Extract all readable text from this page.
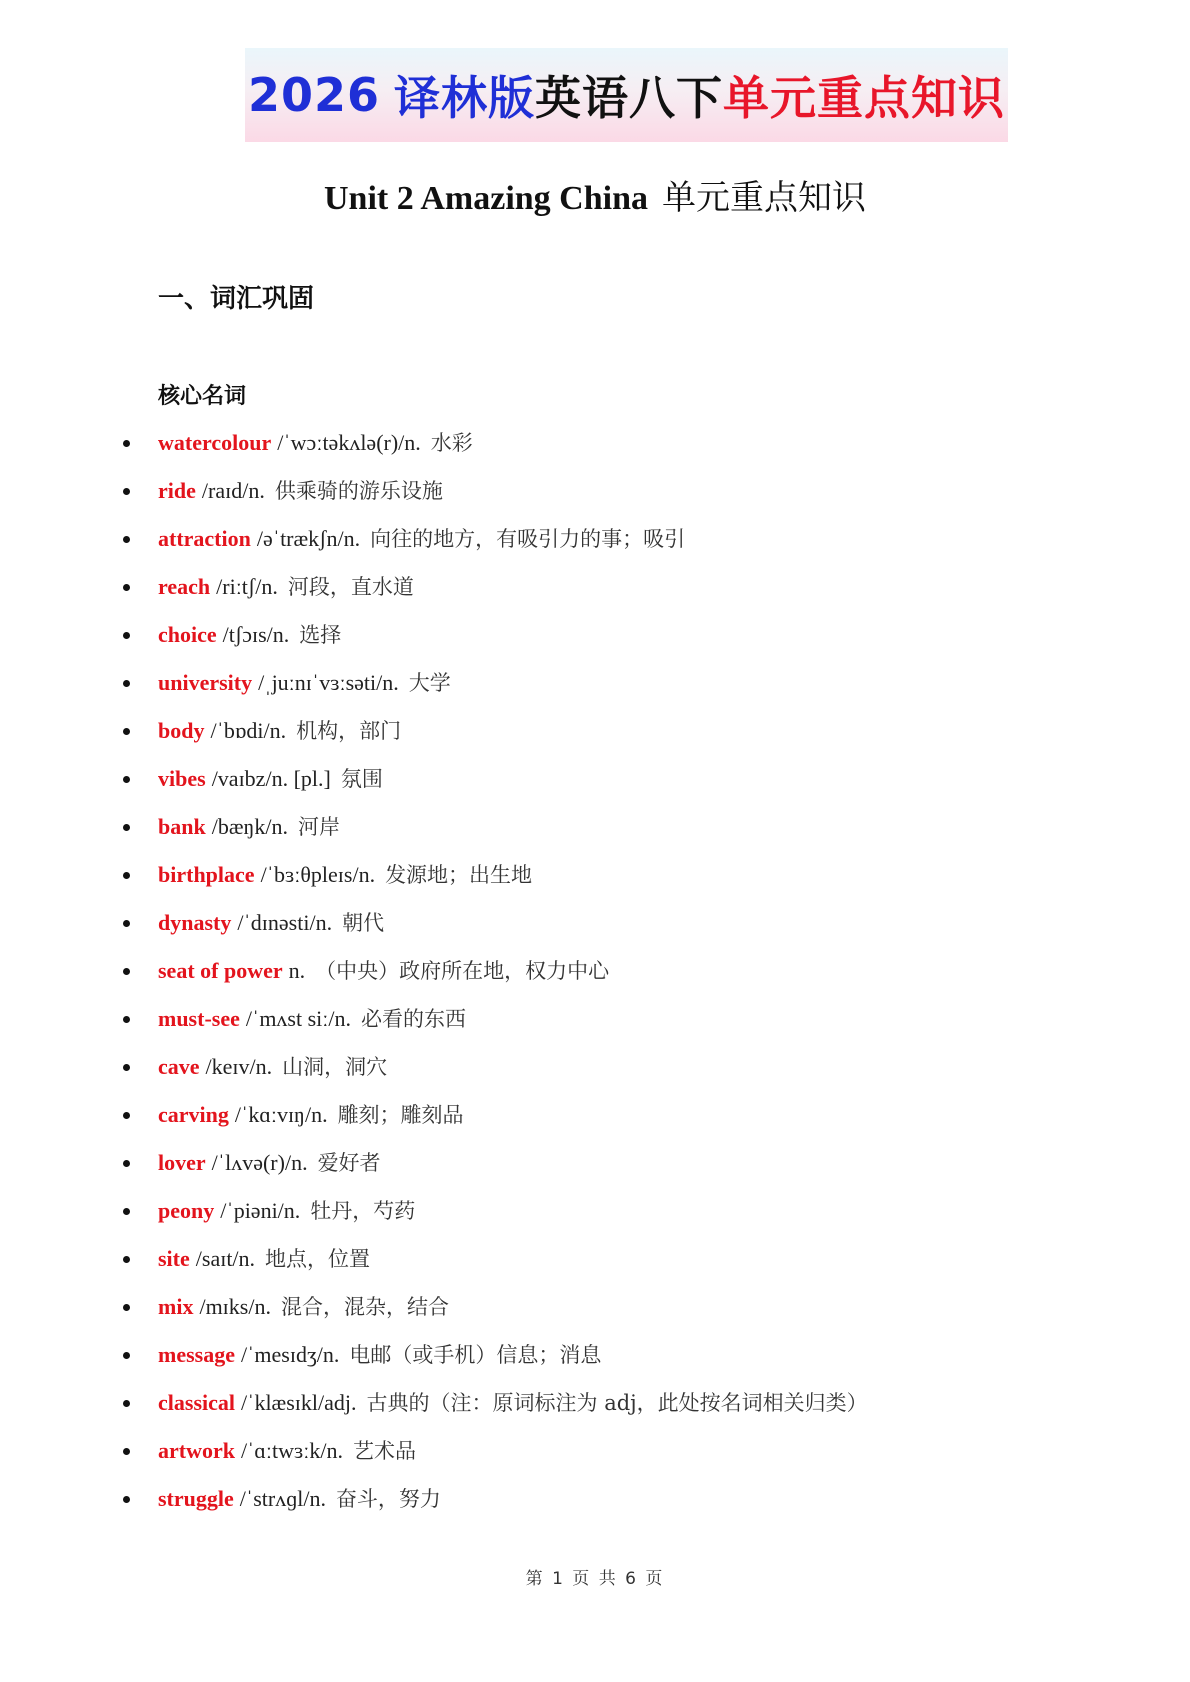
2026 译林版 英语八下 单元重点知识
Unit 2 Amazing China 单元重点知识
一、词汇巩固
核心名词
watercolour /ˈwɔːtəkʌlə(r)/n. 水彩
ride /raɪd/n. 供乘骑的游乐设施
attraction /əˈtrækʃn/n. 向往的地方，有吸引力的事；吸引
reach /riːtʃ/n. 河段，直水道
choice /tʃɔɪs/n. 选择
university /ˌjuːnɪˈvɜːsəti/n. 大学
body /ˈbɒdi/n. 机构，部门
vibes /vaɪbz/n. [pl.] 氛围
bank /bæŋk/n. 河岸
birthplace /ˈbɜːθpleɪs/n. 发源地；出生地
dynasty /ˈdɪnəsti/n. 朝代
seat of power n. （中央）政府所在地，权力中心
must-see /ˈmʌst siː/n. 必看的东西
cave /keɪv/n. 山洞，洞穴
carving /ˈkɑːvɪŋ/n. 雕刻；雕刻品
lover /ˈlʌvə(r)/n. 爱好者
peony /ˈpiəni/n. 牡丹，芍药
site /saɪt/n. 地点，位置
mix /mɪks/n. 混合，混杂，结合
message /ˈmesɪdʒ/n. 电邮（或手机）信息；消息
classical /ˈklæsɪkl/adj. 古典的（注：原词标注为 adj，此处按名词相关归类）
artwork /ˈɑːtwɜːk/n. 艺术品
struggle /ˈstrʌɡl/n. 奋斗，努力
第 1 页 共 6 页
